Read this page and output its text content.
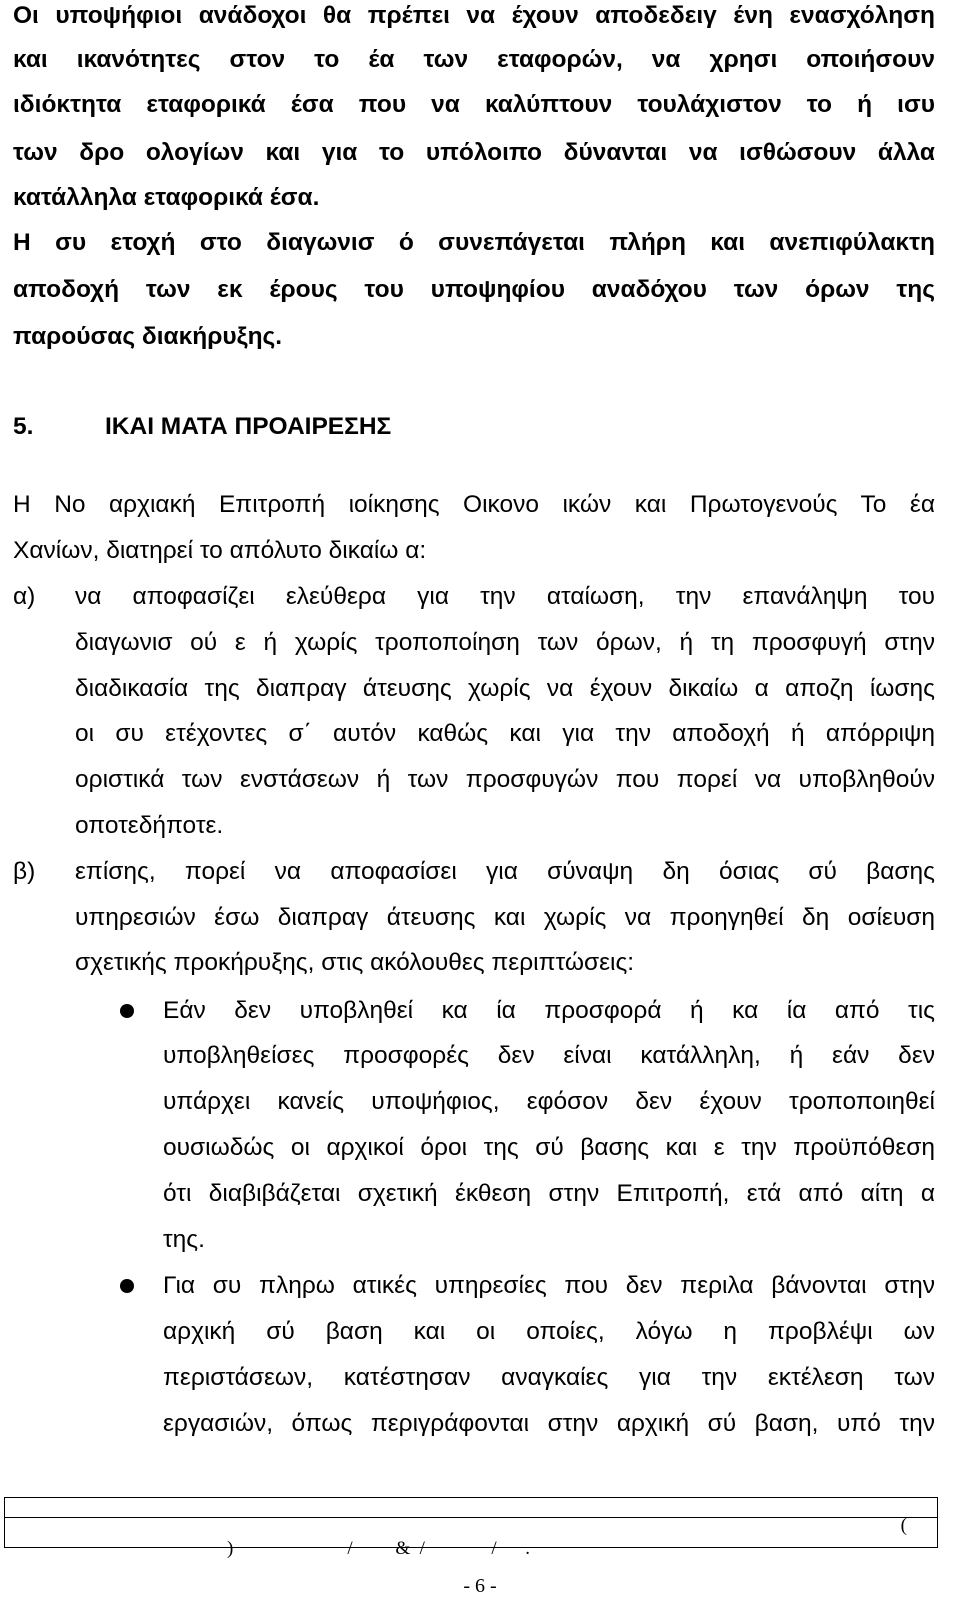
Οι υποψήφιοι ανάδοχοι θα πρέπει να έχουν αποδεδειγ ένη ενασχόληση
και ικανότητες στον το έα των εταφορών, να χρησι οποιήσουν
ιδιόκτητα εταφορικά έσα που να καλύπτουν τουλάχιστον το ή ισυ
των δρο ολογίων και για το υπόλοιπο δύνανται να ισθώσουν άλλα
κατάλληλα εταφορικά έσα.
Η συ ετοχή στο διαγωνισ ό συνεπάγεται πλήρη και ανεπιφύλακτη
αποδοχή των εκ έρους του υποψηφίου αναδόχου των όρων της
παρούσας διακήρυξης.
5.	ΙΚΑΙ ΜΑΤΑ ΠΡΟΑΙΡΕΣΗΣ
Η Νο αρχιακή Επιτροπή ιοίκησης Οικονο ικών και Πρωτογενούς Το έα
Χανίων, διατηρεί το απόλυτο δικαίω α:
α) να αποφασίζει ελεύθερα για την αταίωση, την επανάληψη του
διαγωνισ ού ε ή χωρίς τροποποίηση των όρων, ή τη προσφυγή στην
διαδικασία της διαπραγ άτευσης χωρίς να έχουν δικαίω α αποζη ίωσης
οι συ ετέχοντες σ΄ αυτόν καθώς και για την αποδοχή ή απόρριψη
οριστικά των ενστάσεων ή των προσφυγών που πορεί να υποβληθούν
οποτεδήποτε.
β) επίσης, πορεί να αποφασίσει για σύναψη δη όσιας σύ βασης
υπηρεσιών έσω διαπραγ άτευσης και χωρίς να προηγηθεί δη οσίευση
σχετικής προκήρυξης, στις ακόλουθες περιπτώσεις:
Εάν δεν υποβληθεί κα ία προσφορά ή κα ία από τις
υποβληθείσες προσφορές δεν είναι κατάλληλη, ή εάν δεν
υπάρχει κανείς υποψήφιος, εφόσον δεν έχουν τροποποιηθεί
ουσιωδώς οι αρχικοί όροι της σύ βασης και ε την προϋπόθεση
ότι διαβιβάζεται σχετική έκθεση στην Επιτροπή, ετά από αίτη α
της.
Για συ πληρω ατικές υπηρεσίες που δεν περιλα βάνονται στην
αρχική σύ βαση και οι οποίες, λόγω η προβλέψι ων
περιστάσεων, κατέστησαν αναγκαίες για την εκτέλεση των
εργασιών, όπως περιγράφονται στην αρχική σύ βαση, υπό την
(
)                        /         &  /              /      .
- 6 -
